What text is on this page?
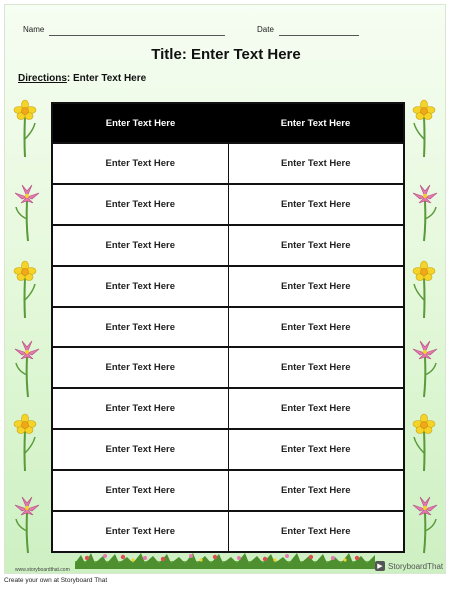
Name	Date
Title: Enter Text Here
Directions: Enter Text Here
Enter Text Here	Enter Text Here
Enter Text Here	Enter Text Here
Enter Text Here	Enter Text Here
Enter Text Here	Enter Text Here
Enter Text Here	Enter Text Here
Enter Text Here	Enter Text Here
Enter Text Here	Enter Text Here
Enter Text Here	Enter Text Here
Enter Text Here	Enter Text Here
Enter Text Here	Enter Text Here
Enter Text Here	Enter Text Here
www.storyboardthat.com	▶ StoryboardThat
Create your own at Storyboard That
